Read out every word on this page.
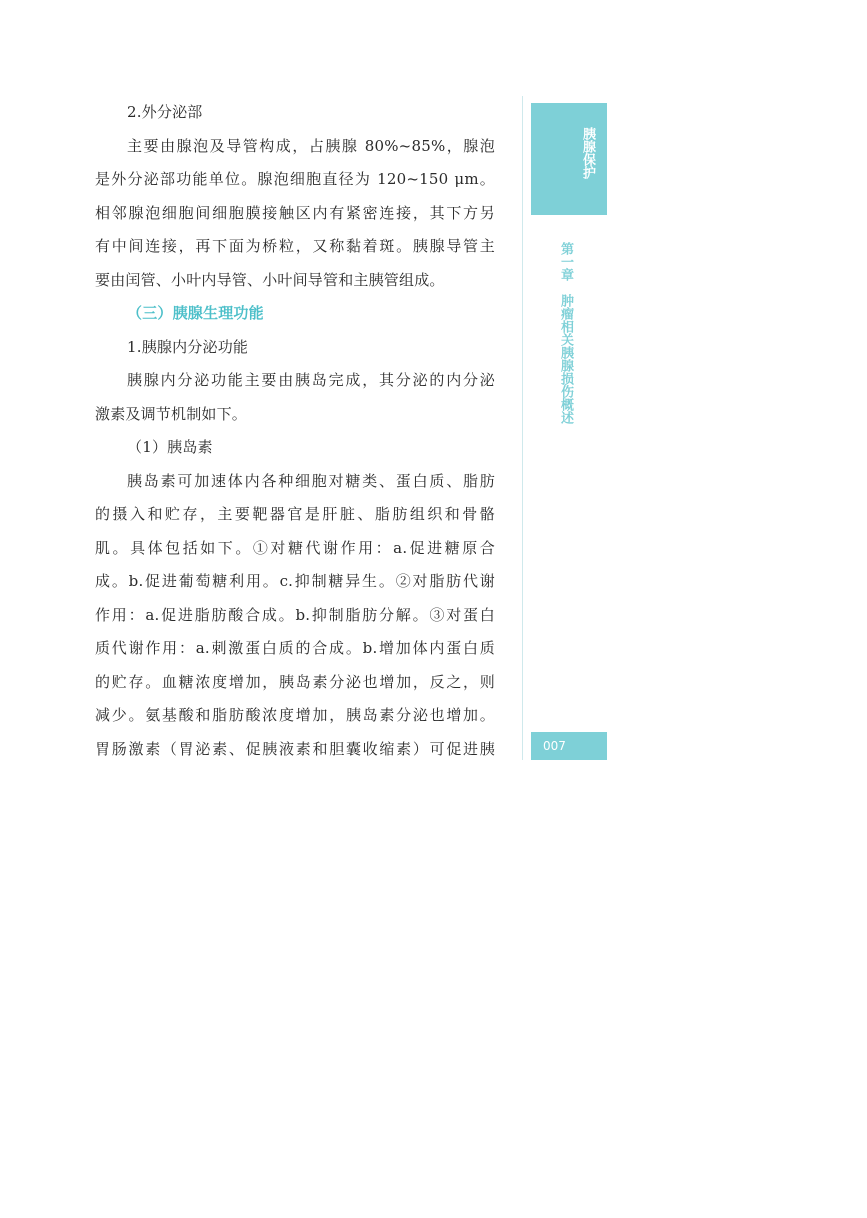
2.外分泌部
主要由腺泡及导管构成，占胰腺 80%~85%，腺泡
是外分泌部功能单位。腺泡细胞直径为 120~150 μm。
相邻腺泡细胞间细胞膜接触区内有紧密连接，其下方另
有中间连接，再下面为桥粒，又称黏着斑。胰腺导管主
要由闰管、小叶内导管、小叶间导管和主胰管组成。
（三）胰腺生理功能
1.胰腺内分泌功能
胰腺内分泌功能主要由胰岛完成，其分泌的内分泌
激素及调节机制如下。
（1）胰岛素
胰岛素可加速体内各种细胞对糖类、蛋白质、脂肪
的摄入和贮存，主要靶器官是肝脏、脂肪组织和骨骼
肌。具体包括如下。①对糖代谢作用：a.促进糖原合
成。b.促进葡萄糖利用。c.抑制糖异生。②对脂肪代谢
作用：a.促进脂肪酸合成。b.抑制脂肪分解。③对蛋白
质代谢作用：a.刺激蛋白质的合成。b.增加体内蛋白质
的贮存。血糖浓度增加，胰岛素分泌也增加，反之，则
减少。氨基酸和脂肪酸浓度增加，胰岛素分泌也增加。
胃肠激素（胃泌素、促胰液素和胆囊收缩素）可促进胰
胰腺保护
第一章　肿瘤相关胰腺损伤概述
007
